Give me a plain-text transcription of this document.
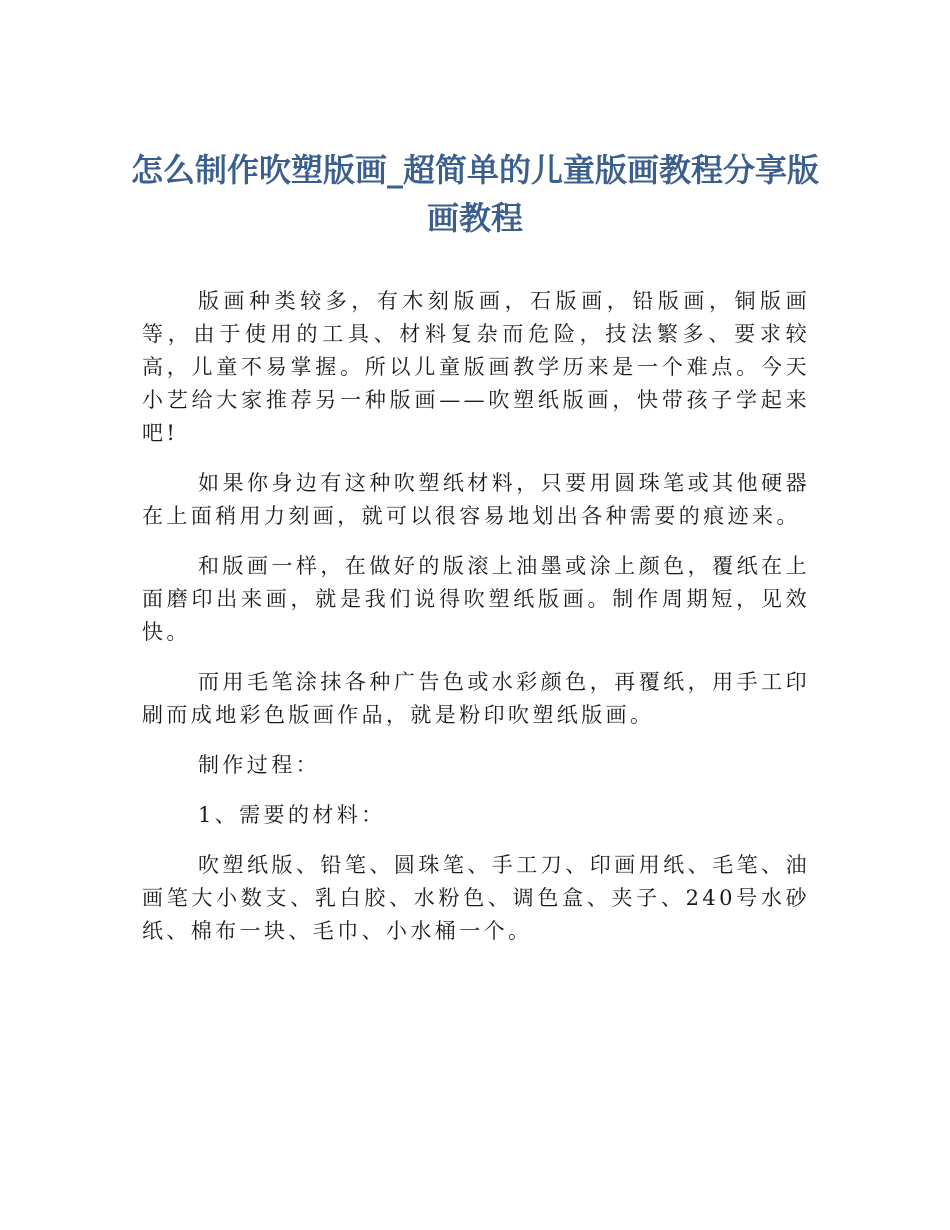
怎么制作吹塑版画_超简单的儿童版画教程分享版画教程

版画种类较多，有木刻版画，石版画，铅版画，铜版画等，由于使用的工具、材料复杂而危险，技法繁多、要求较高，儿童不易掌握。所以儿童版画教学历来是一个难点。今天小艺给大家推荐另一种版画——吹塑纸版画，快带孩子学起来吧!

如果你身边有这种吹塑纸材料，只要用圆珠笔或其他硬器在上面稍用力刻画，就可以很容易地划出各种需要的痕迹来。

和版画一样，在做好的版滚上油墨或涂上颜色，覆纸在上面磨印出来画，就是我们说得吹塑纸版画。制作周期短，见效快。

而用毛笔涂抹各种广告色或水彩颜色，再覆纸，用手工印刷而成地彩色版画作品，就是粉印吹塑纸版画。

制作过程：

1、需要的材料：

吹塑纸版、铅笔、圆珠笔、手工刀、印画用纸、毛笔、油画笔大小数支、乳白胶、水粉色、调色盒、夹子、240号水砂纸、棉布一块、毛巾、小水桶一个。
